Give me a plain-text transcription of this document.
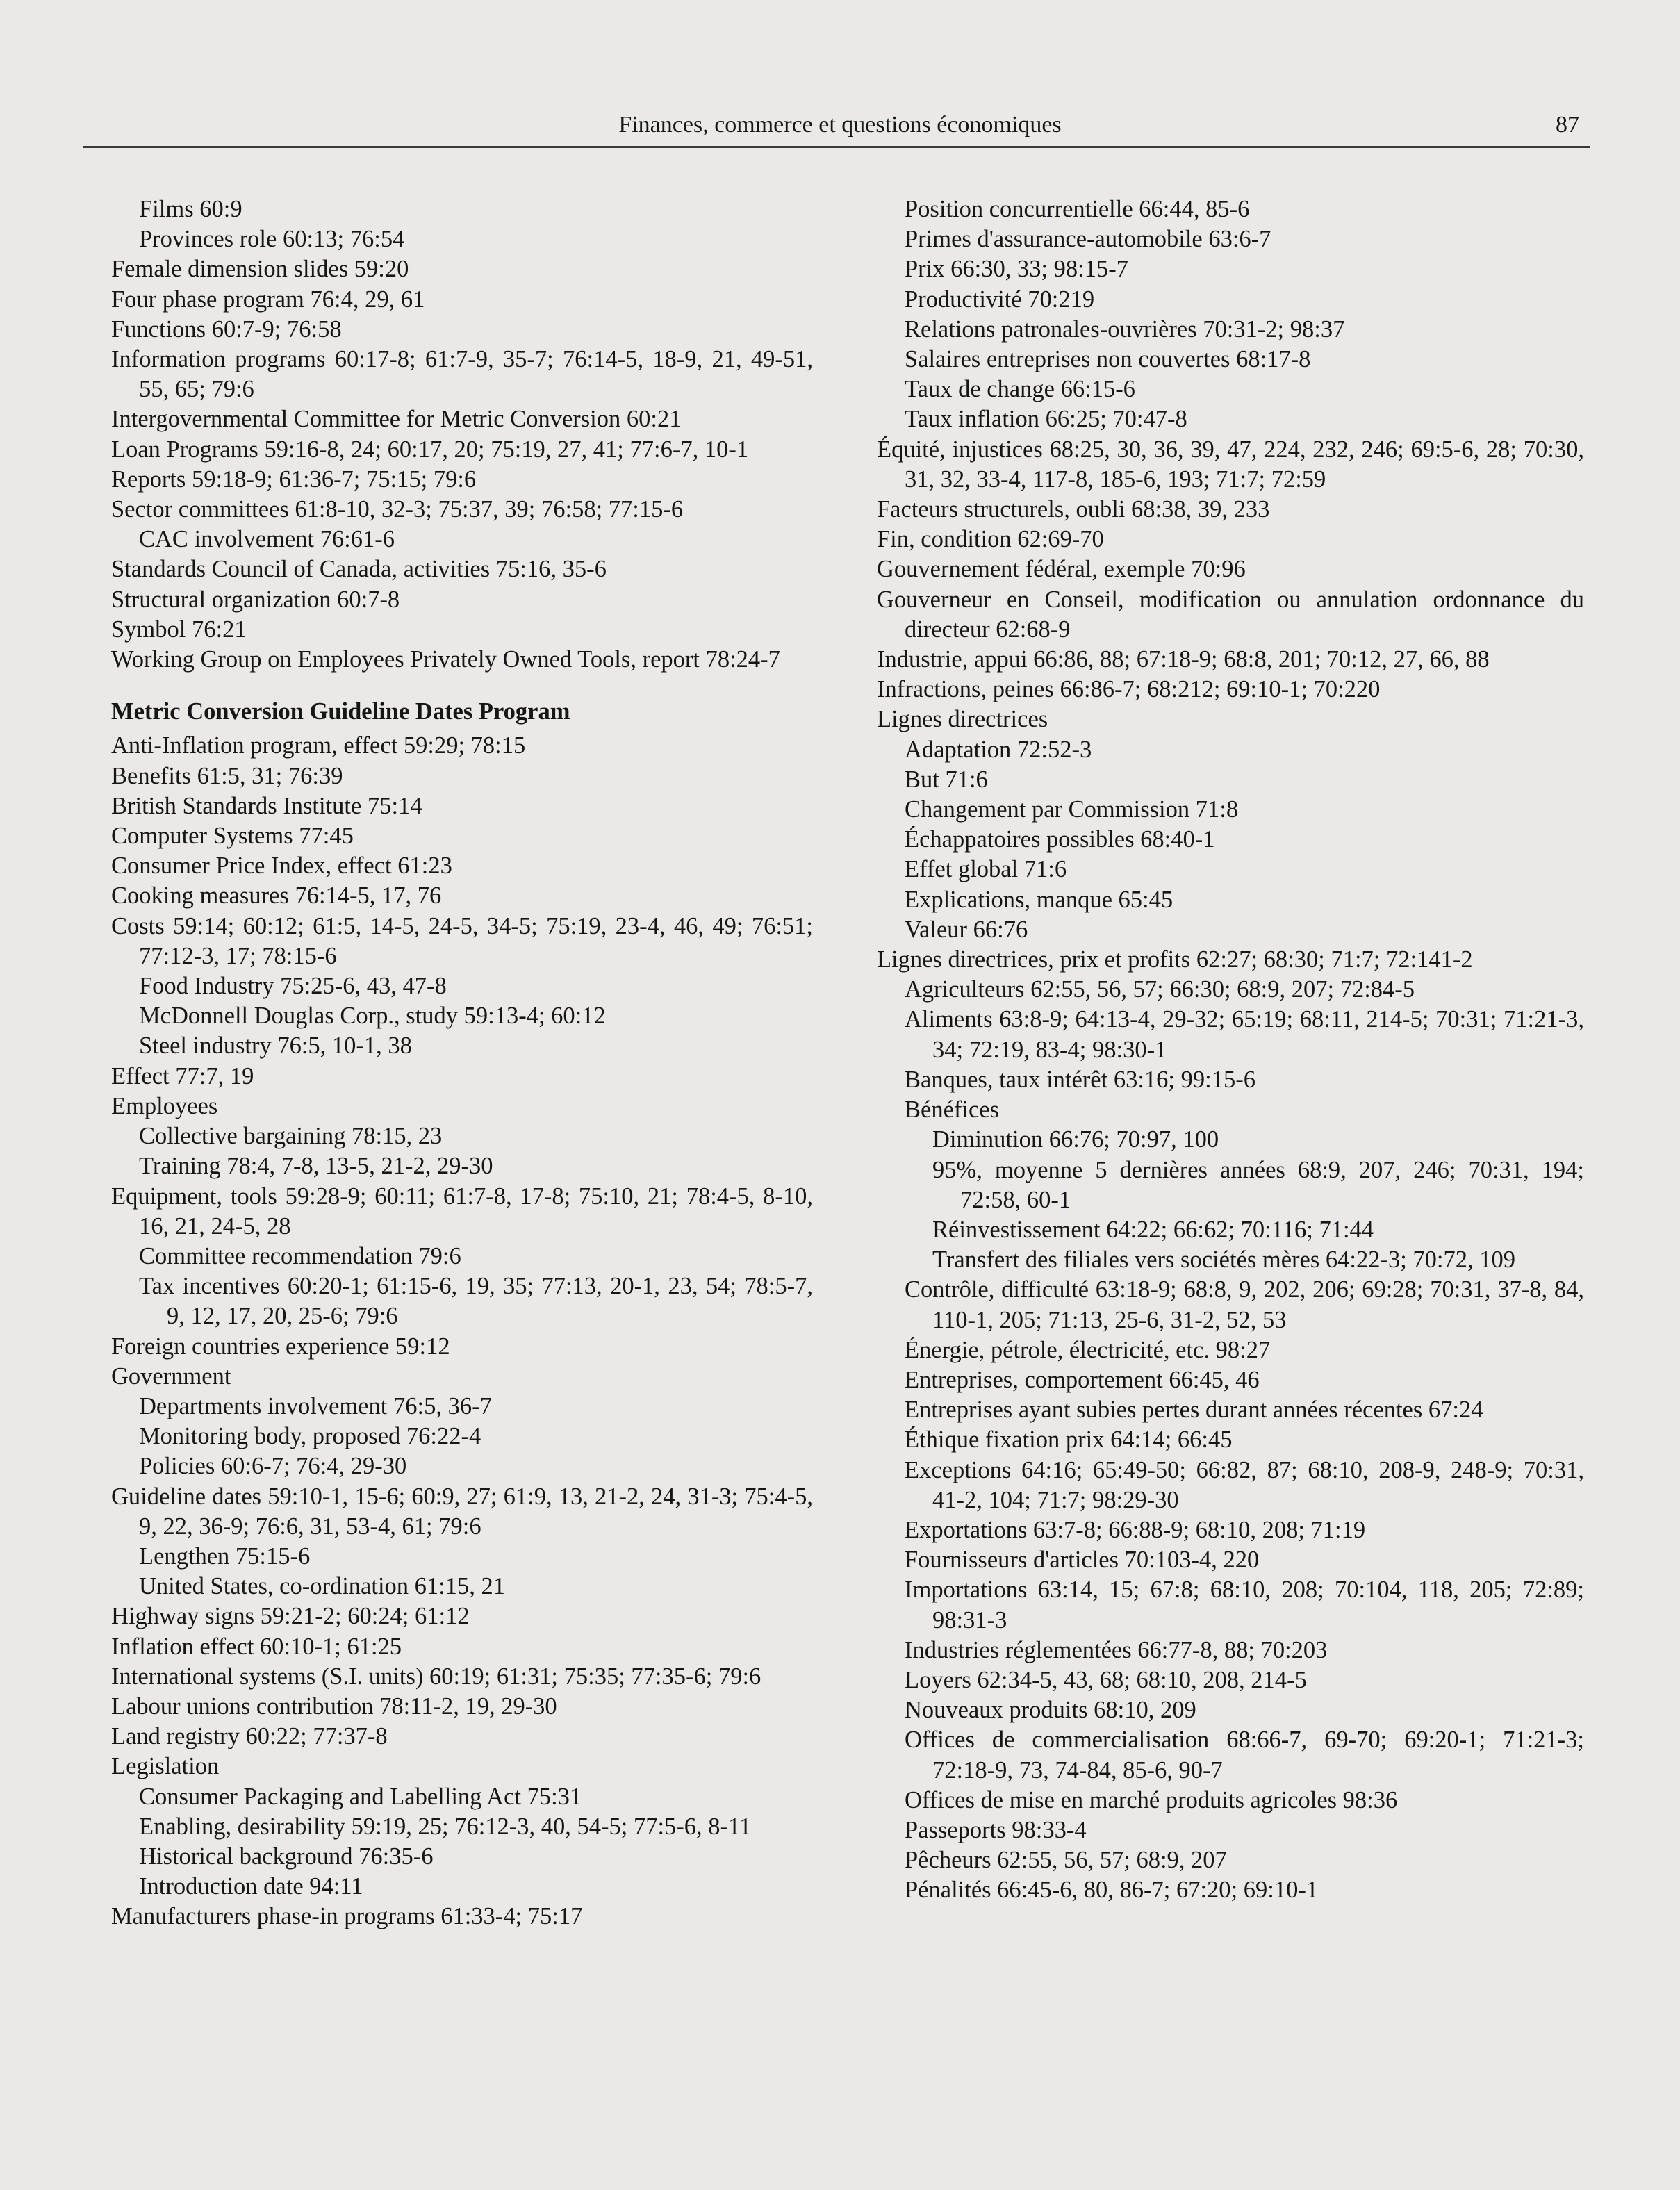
Finances, commerce et questions économiques	87

Films 60:9

Provinces role 60:13; 76:54

Female dimension slides 59:20

Four phase program 76:4, 29, 61

Functions 60:7-9; 76:58

Information programs 60:17-8; 61:7-9, 35-7; 76:14-5, 18-9, 21, 49-51, 55, 65; 79:6

Intergovernmental Committee for Metric Conversion 60:21

Loan Programs 59:16-8, 24; 60:17, 20; 75:19, 27, 41; 77:6-7, 10-1

Reports 59:18-9; 61:36-7; 75:15; 79:6

Sector committees 61:8-10, 32-3; 75:37, 39; 76:58; 77:15-6

CAC involvement 76:61-6

Standards Council of Canada, activities 75:16, 35-6

Structural organization 60:7-8

Symbol 76:21

Working Group on Employees Privately Owned Tools, report 78:24-7

Metric Conversion Guideline Dates Program

Anti-Inflation program, effect 59:29; 78:15

Benefits 61:5, 31; 76:39

British Standards Institute 75:14

Computer Systems 77:45

Consumer Price Index, effect 61:23

Cooking measures 76:14-5, 17, 76

Costs 59:14; 60:12; 61:5, 14-5, 24-5, 34-5; 75:19, 23-4, 46, 49; 76:51; 77:12-3, 17; 78:15-6

Food Industry 75:25-6, 43, 47-8

McDonnell Douglas Corp., study 59:13-4; 60:12

Steel industry 76:5, 10-1, 38

Effect 77:7, 19

Employees

Collective bargaining 78:15, 23

Training 78:4, 7-8, 13-5, 21-2, 29-30

Equipment, tools 59:28-9; 60:11; 61:7-8, 17-8; 75:10, 21; 78:4-5, 8-10, 16, 21, 24-5, 28

Committee recommendation 79:6

Tax incentives 60:20-1; 61:15-6, 19, 35; 77:13, 20-1, 23, 54; 78:5-7, 9, 12, 17, 20, 25-6; 79:6

Foreign countries experience 59:12

Government

Departments involvement 76:5, 36-7

Monitoring body, proposed 76:22-4

Policies 60:6-7; 76:4, 29-30

Guideline dates 59:10-1, 15-6; 60:9, 27; 61:9, 13, 21-2, 24, 31-3; 75:4-5, 9, 22, 36-9; 76:6, 31, 53-4, 61; 79:6

Lengthen 75:15-6

United States, co-ordination 61:15, 21

Highway signs 59:21-2; 60:24; 61:12

Inflation effect 60:10-1; 61:25

International systems (S.I. units) 60:19; 61:31; 75:35; 77:35-6; 79:6

Labour unions contribution 78:11-2, 19, 29-30

Land registry 60:22; 77:37-8

Legislation

Consumer Packaging and Labelling Act 75:31

Enabling, desirability 59:19, 25; 76:12-3, 40, 54-5; 77:5-6, 8-11

Historical background 76:35-6

Introduction date 94:11

Manufacturers phase-in programs 61:33-4; 75:17

Position concurrentielle 66:44, 85-6

Primes d'assurance-automobile 63:6-7

Prix 66:30, 33; 98:15-7

Productivité 70:219

Relations patronales-ouvrières 70:31-2; 98:37

Salaires entreprises non couvertes 68:17-8

Taux de change 66:15-6

Taux inflation 66:25; 70:47-8

Équité, injustices 68:25, 30, 36, 39, 47, 224, 232, 246; 69:5-6, 28; 70:30, 31, 32, 33-4, 117-8, 185-6, 193; 71:7; 72:59

Facteurs structurels, oubli 68:38, 39, 233

Fin, condition 62:69-70

Gouvernement fédéral, exemple 70:96

Gouverneur en Conseil, modification ou annulation ordonnance du directeur 62:68-9

Industrie, appui 66:86, 88; 67:18-9; 68:8, 201; 70:12, 27, 66, 88

Infractions, peines 66:86-7; 68:212; 69:10-1; 70:220

Lignes directrices

Adaptation 72:52-3

But 71:6

Changement par Commission 71:8

Échappatoires possibles 68:40-1

Effet global 71:6

Explications, manque 65:45

Valeur 66:76

Lignes directrices, prix et profits 62:27; 68:30; 71:7; 72:141-2

Agriculteurs 62:55, 56, 57; 66:30; 68:9, 207; 72:84-5

Aliments 63:8-9; 64:13-4, 29-32; 65:19; 68:11, 214-5; 70:31; 71:21-3, 34; 72:19, 83-4; 98:30-1

Banques, taux intérêt 63:16; 99:15-6

Bénéfices

Diminution 66:76; 70:97, 100

95%, moyenne 5 dernières années 68:9, 207, 246; 70:31, 194; 72:58, 60-1

Réinvestissement 64:22; 66:62; 70:116; 71:44

Transfert des filiales vers sociétés mères 64:22-3; 70:72, 109

Contrôle, difficulté 63:18-9; 68:8, 9, 202, 206; 69:28; 70:31, 37-8, 84, 110-1, 205; 71:13, 25-6, 31-2, 52, 53

Énergie, pétrole, électricité, etc. 98:27

Entreprises, comportement 66:45, 46

Entreprises ayant subies pertes durant années récentes 67:24

Éthique fixation prix 64:14; 66:45

Exceptions 64:16; 65:49-50; 66:82, 87; 68:10, 208-9, 248-9; 70:31, 41-2, 104; 71:7; 98:29-30

Exportations 63:7-8; 66:88-9; 68:10, 208; 71:19

Fournisseurs d'articles 70:103-4, 220

Importations 63:14, 15; 67:8; 68:10, 208; 70:104, 118, 205; 72:89; 98:31-3

Industries réglementées 66:77-8, 88; 70:203

Loyers 62:34-5, 43, 68; 68:10, 208, 214-5

Nouveaux produits 68:10, 209

Offices de commercialisation 68:66-7, 69-70; 69:20-1; 71:21-3; 72:18-9, 73, 74-84, 85-6, 90-7

Offices de mise en marché produits agricoles 98:36

Passeports 98:33-4

Pêcheurs 62:55, 56, 57; 68:9, 207

Pénalités 66:45-6, 80, 86-7; 67:20; 69:10-1
